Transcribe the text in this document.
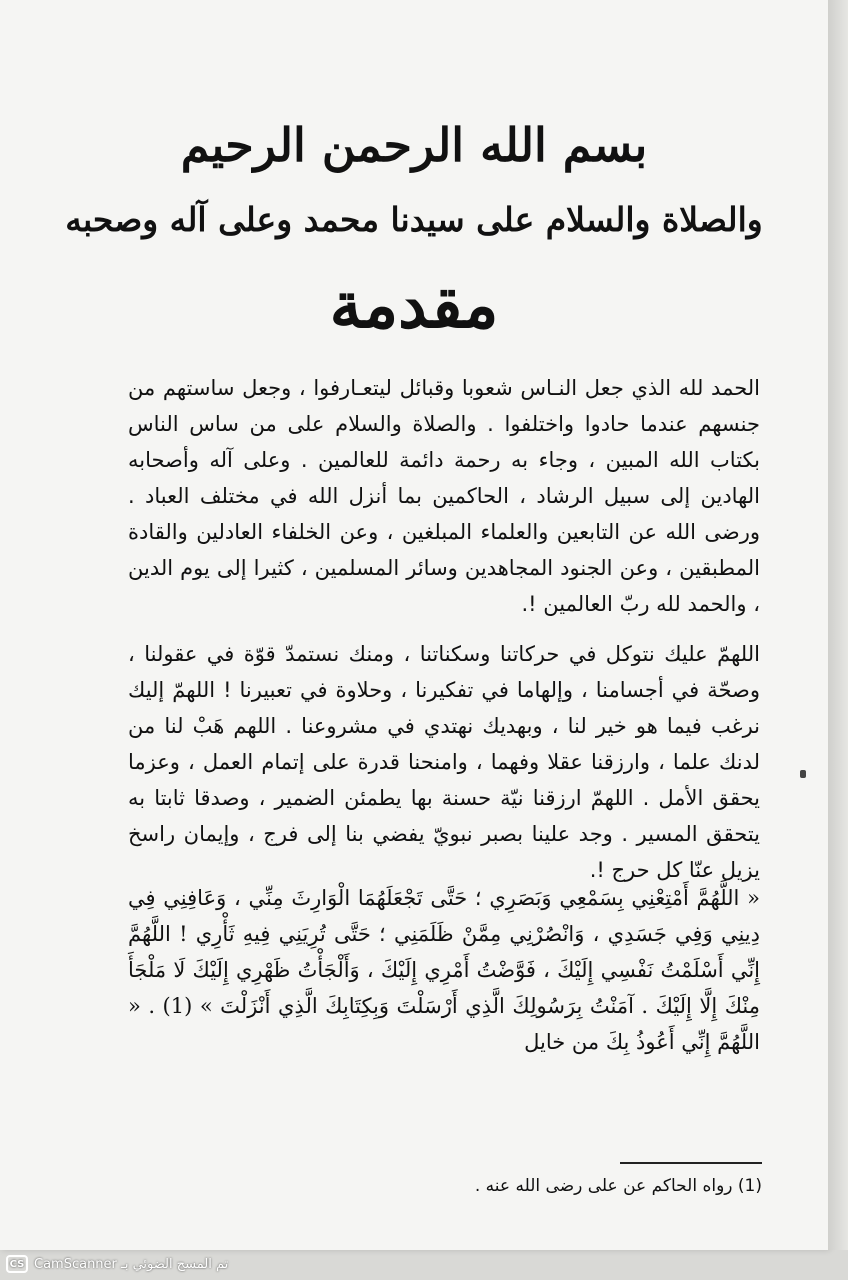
بسم الله الرحمن الرحيم
والصلاة والسلام على سيدنا محمد وعلى آله وصحبه
مقدمة

الحمد لله الذي جعل النـاس شعوبا وقبائل ليتعـارفوا ، وجعل ساستهم من جنسهم عندما حادوا واختلفوا . والصلاة والسلام على من ساس الناس بكتاب الله المبين ، وجاء به رحمة دائمة للعالمين . وعلى آله وأصحابه الهادين إلى سبيل الرشاد ، الحاكمين بما أنزل الله في مختلف العباد . ورضى الله عن التابعين والعلماء المبلغين ، وعن الخلفاء العادلين والقادة المطبقين ، وعن الجنود المجاهدين وسائر المسلمين ، كثيرا إلى يوم الدين ، والحمد لله ربّ العالمين !.

اللهمّ عليك نتوكل في حركاتنا وسكناتنا ، ومنك نستمدّ قوّة في عقولنا ، وصحّة في أجسامنا ، وإلهاما في تفكيرنا ، وحلاوة في تعبيرنا ! اللهمّ إليك نرغب فيما هو خير لنا ، وبهديك نهتدي في مشروعنا . اللهم هَبْ لنا من لدنك علما ، وارزقنا عقلا وفهما ، وامنحنا قدرة على إتمام العمل ، وعزما يحقق الأمل . اللهمّ ارزقنا نيّة حسنة بها يطمئن الضمير ، وصدقا ثابتا به يتحقق المسير . وجد علينا بصبر نبويّ يفضي بنا إلى فرج ، وإيمان راسخ يزيل عنّا كل حرج !.

« اللَّهُمَّ أَمْتِعْنِي بِسَمْعِي وَبَصَرِي ؛ حَتَّى تَجْعَلَهُمَا الْوَارِثَ مِنِّي ، وَعَافِنِي فِي دِينِي وَفِي جَسَدِي ، وَانْصُرْنِي مِمَّنْ ظَلَمَنِي ؛ حَتَّى تُرِيَنِي فِيهِ ثَأْرِي ! اللَّهُمَّ إِنِّي أَسْلَمْتُ نَفْسِي إِلَيْكَ ، فَوَّضْتُ أَمْرِي إِلَيْكَ ، وَأَلْجَأْتُ ظَهْرِي إِلَيْكَ لَا مَلْجَأَ مِنْكَ إِلَّا إِلَيْكَ . آمَنْتُ بِرَسُولِكَ الَّذِي أَرْسَلْتَ وَبِكِتَابِكَ الَّذِي أَنْزَلْتَ » (1) . « اللَّهُمَّ إِنِّي أَعُوذُ بِكَ من خايل

(1) رواه الحاكم عن على رضى الله عنه .
CS CamScanner تم المسح الضوئي بـ
